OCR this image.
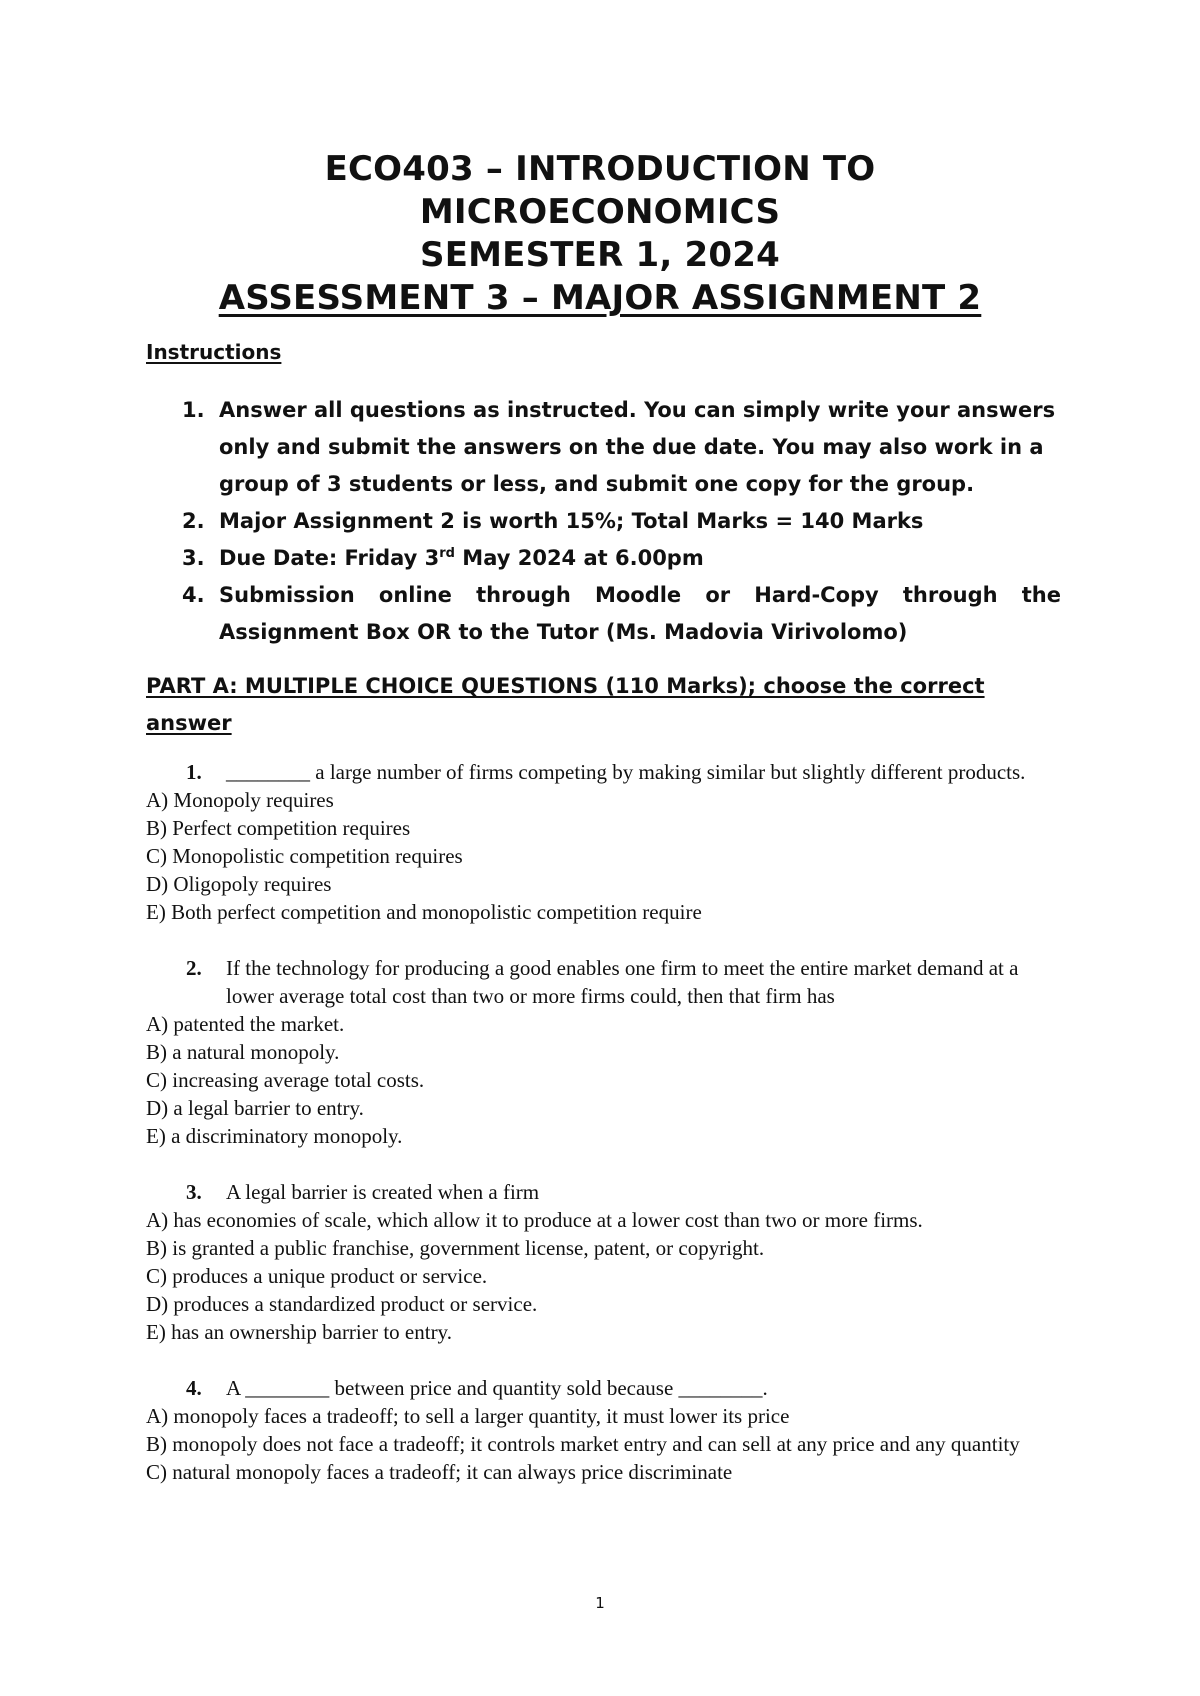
ECO403 – INTRODUCTION TO
MICROECONOMICS
SEMESTER 1, 2024
ASSESSMENT 3 – MAJOR ASSIGNMENT 2
Instructions
1. Answer all questions as instructed. You can simply write your answers only and submit the answers on the due date. You may also work in a group of 3 students or less, and submit one copy for the group.
2. Major Assignment 2 is worth 15%; Total Marks = 140 Marks
3. Due Date: Friday 3rd May 2024 at 6.00pm
4. Submission online through Moodle or Hard-Copy through the
Assignment Box OR to the Tutor (Ms. Madovia Virivolomo)
PART A: MULTIPLE CHOICE QUESTIONS (110 Marks); choose the correct answer
1.	________ a large number of firms competing by making similar but slightly different products.
A) Monopoly requires
B) Perfect competition requires
C) Monopolistic competition requires
D) Oligopoly requires
E) Both perfect competition and monopolistic competition require
2.	If the technology for producing a good enables one firm to meet the entire market demand at a lower average total cost than two or more firms could, then that firm has
A) patented the market.
B) a natural monopoly.
C) increasing average total costs.
D) a legal barrier to entry.
E) a discriminatory monopoly.
3.	A legal barrier is created when a firm
A) has economies of scale, which allow it to produce at a lower cost than two or more firms.
B) is granted a public franchise, government license, patent, or copyright.
C) produces a unique product or service.
D) produces a standardized product or service.
E) has an ownership barrier to entry.
4.	A ________ between price and quantity sold because ________.
A) monopoly faces a tradeoff; to sell a larger quantity, it must lower its price
B) monopoly does not face a tradeoff; it controls market entry and can sell at any price and any quantity
C) natural monopoly faces a tradeoff; it can always price discriminate
1
